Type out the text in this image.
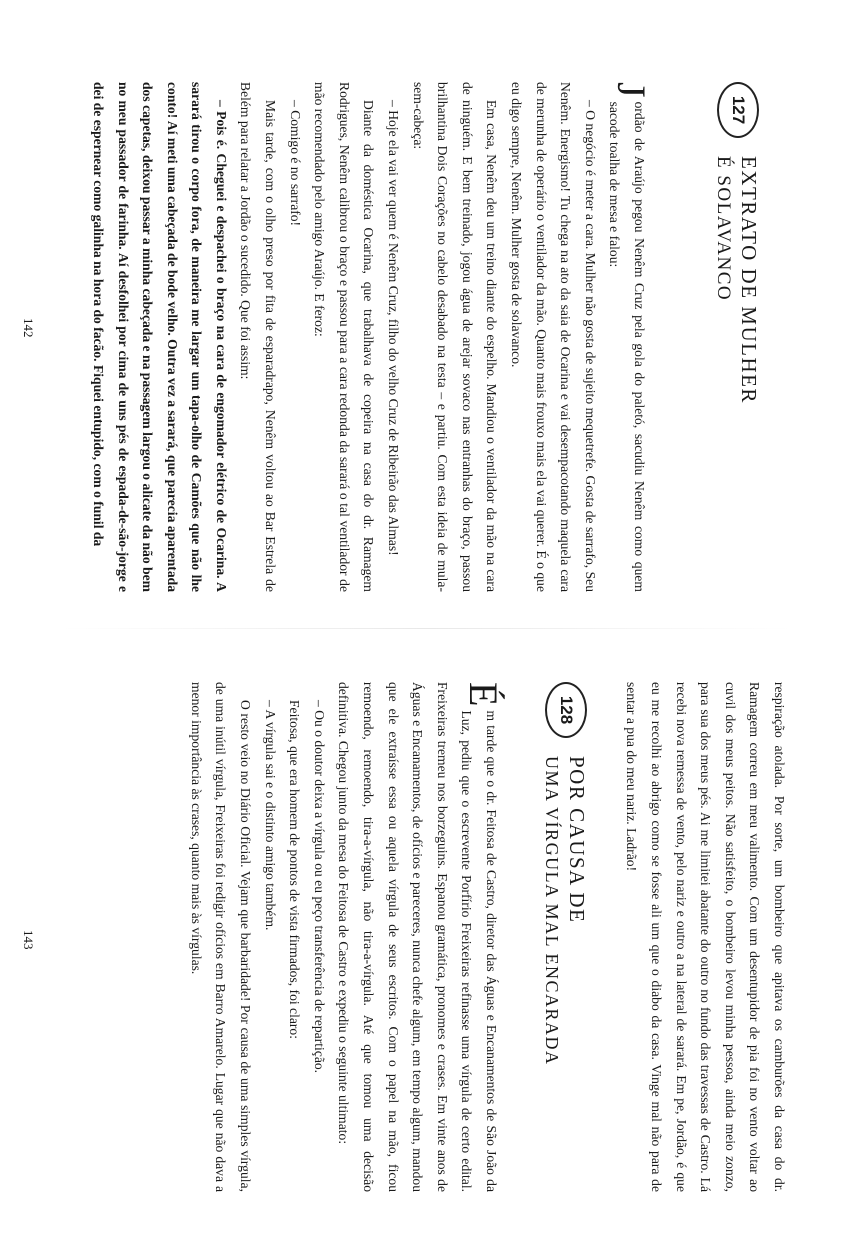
127
EXTRATO DE MULHER
É SOLAVANCO

J
ordão de Araújo pegou Nenêm Cruz pela gola do paletó, sacudiu Nenêm como quem sacode toalha de mesa e falou:

– O negócio é meter a cara. Mulher não gosta de sujeito mequetrefe. Gosta de sarrafo, Seu Nenêm. Energismo! Tu chega na ato da saia de Ocarina e vai desempacotando maquela cara de merunha de operário o ventilador da mão. Quanto mais frouxo mais ela vai querer. É o que eu digo sempre, Nenêm. Mulher gosta de solavanco.

Em casa, Nenêm deu um treino diante do espelho. Mandiou o ventilador da mão na cara de ninguém. E bem treinado, jogou água de arejar sovaco nas entranhas do braço, passou brilhantina Dois Corações no cabelo desabado na testa – e partiu. Com esta ideia de mula-sem-cabeça:

– Hoje ela vai ver quem é Nenêm Cruz, filho do velho Cruz de Ribeirão das Almas!

Diante da doméstica Ocarina, que trabalhava de copeira na casa do dr. Ramagem Rodrigues, Nenêm calibrou o braço e passou para a cara redonda da sarará o tal ventilador de mão recomendado pelo amigo Araújo. E feroz:

– Comigo é no sarrafo!

Mais tarde, com o olho preso por fita de esparadrapo, Nenêm voltou ao Bar Estrela de Belém para relatar a Jordão o sucedido. Que foi assim:

– Pois é. Cheguei e despachei o braço na cara de engomador elétrico de Ocarina. A sarará tirou o corpo fora, de maneira me largar um tapa-olho de Camões que não lhe conto! Aí meti uma cabeçada de bode velho. Outra vez a sarará, que parecia aparentada dos capetas, deixou passar a minha cabeçada e na passagem largou o alicate da não bem no meu passador de farinha. Aí desfolhei por cima de uns pés de espada-de-são-jorge e dei de espernear como galinha na hora do facão. Fiquei entupido, com o funil da

142

respiração atolada. Por sorte, um bombeiro que apitava os camburões da casa do dr. Ramagem correu em meu valimento. Com um desentupidor de pia foi no vento voltar ao cuvil dos meus peitos. Não satisfeito, o bombeiro levou minha pessoa, ainda meio zonzo, para sua dos meus pés. Ai me limitei abatante do outro no fundo das travessas de Castro. Lá recebi nova remessa de vento, pelo nariz e outro a na lateral de sarará. Em pe, Jordão, é que eu me recolhi ao abrigo como se fosse ali um que o diabo da casa. Vinge mal não para de sentar a pua do meu nariz. Ladrão!

128
POR CAUSA DE
UMA VÍRGULA MAL ENCARADA

É
m tarde que o dr. Feitosa de Castro, diretor das Águas e Encanamentos de São João da Luz, pediu que o escrevente Porfírio Freixeiras refinasse uma vírgula de certo edital. Freixeiras tremeu nos borzeguins. Espanou gramática, pronomes e crases. Em vinte anos de Águas e Encanamentos, de ofícios e pareceres, nunca chefe algum, em tempo algum, mandou que ele extraísse essa ou aquela vírgula de seus escritos. Com o papel na mão, ficou remoendo, remoendo, tira-a-vírgula, não tira-a-vírgula. Até que tomou uma decisão definitiva. Chegou junto da mesa do Feitosa de Castro e expediu o seguinte ultimato:

– Ou o doutor deixa a vírgula ou eu peço transferência de repartição.

Feitosa, que era homem de pontos de vista firmados, foi claro:

– A vírgula sai e o distinto amigo também.

O resto veio no Diário Oficial. Vejam que barbaridade! Por causa de uma simples vírgula, de uma inútil vírgula, Freixeiras foi redigir ofícios em Barro Amarelo. Lugar que não dava a menor importância às crases, quanto mais às vírgulas.

143
